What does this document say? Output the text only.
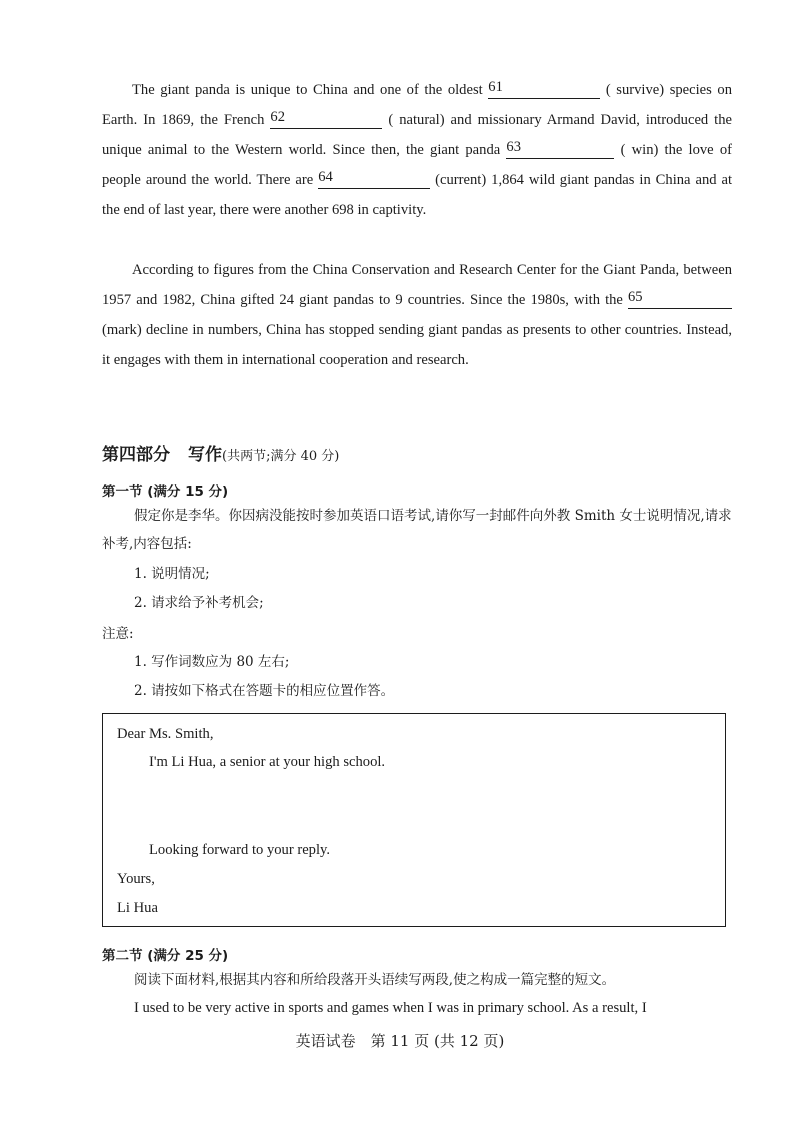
The giant panda is unique to China and one of the oldest 61	( survive) species on Earth. In 1869, the French 62	( natural) and missionary Armand David, introduced the unique animal to the Western world. Since then, the giant panda 63	( win) the love of people around the world. There are 64	(current) 1,864 wild giant pandas in China and at the end of last year, there were another 698 in captivity.
According to figures from the China Conservation and Research Center for the Giant Panda, between 1957 and 1982, China gifted 24 giant pandas to 9 countries. Since the 1980s, with the 65 (mark) decline in numbers, China has stopped sending giant pandas as presents to other countries. Instead, it engages with them in international cooperation and research.
第四部分 写作(共两节;满分 40 分)
第一节 (满分 15 分)
假定你是李华。你因病没能按时参加英语口语考试,请你写一封邮件向外教 Smith 女士说明情况,请求补考,内容包括:
1. 说明情况;
2. 请求给予补考机会;
注意:
1. 写作词数应为 80 左右;
2. 请按如下格式在答题卡的相应位置作答。
Dear Ms. Smith,
I'm Li Hua, a senior at your high school.
Looking forward to your reply.
Yours,
Li Hua
第二节 (满分 25 分)
阅读下面材料,根据其内容和所给段落开头语续写两段,使之构成一篇完整的短文。
I used to be very active in sports and games when I was in primary school. As a result, I
英语试卷　第 11 页 (共 12 页)
